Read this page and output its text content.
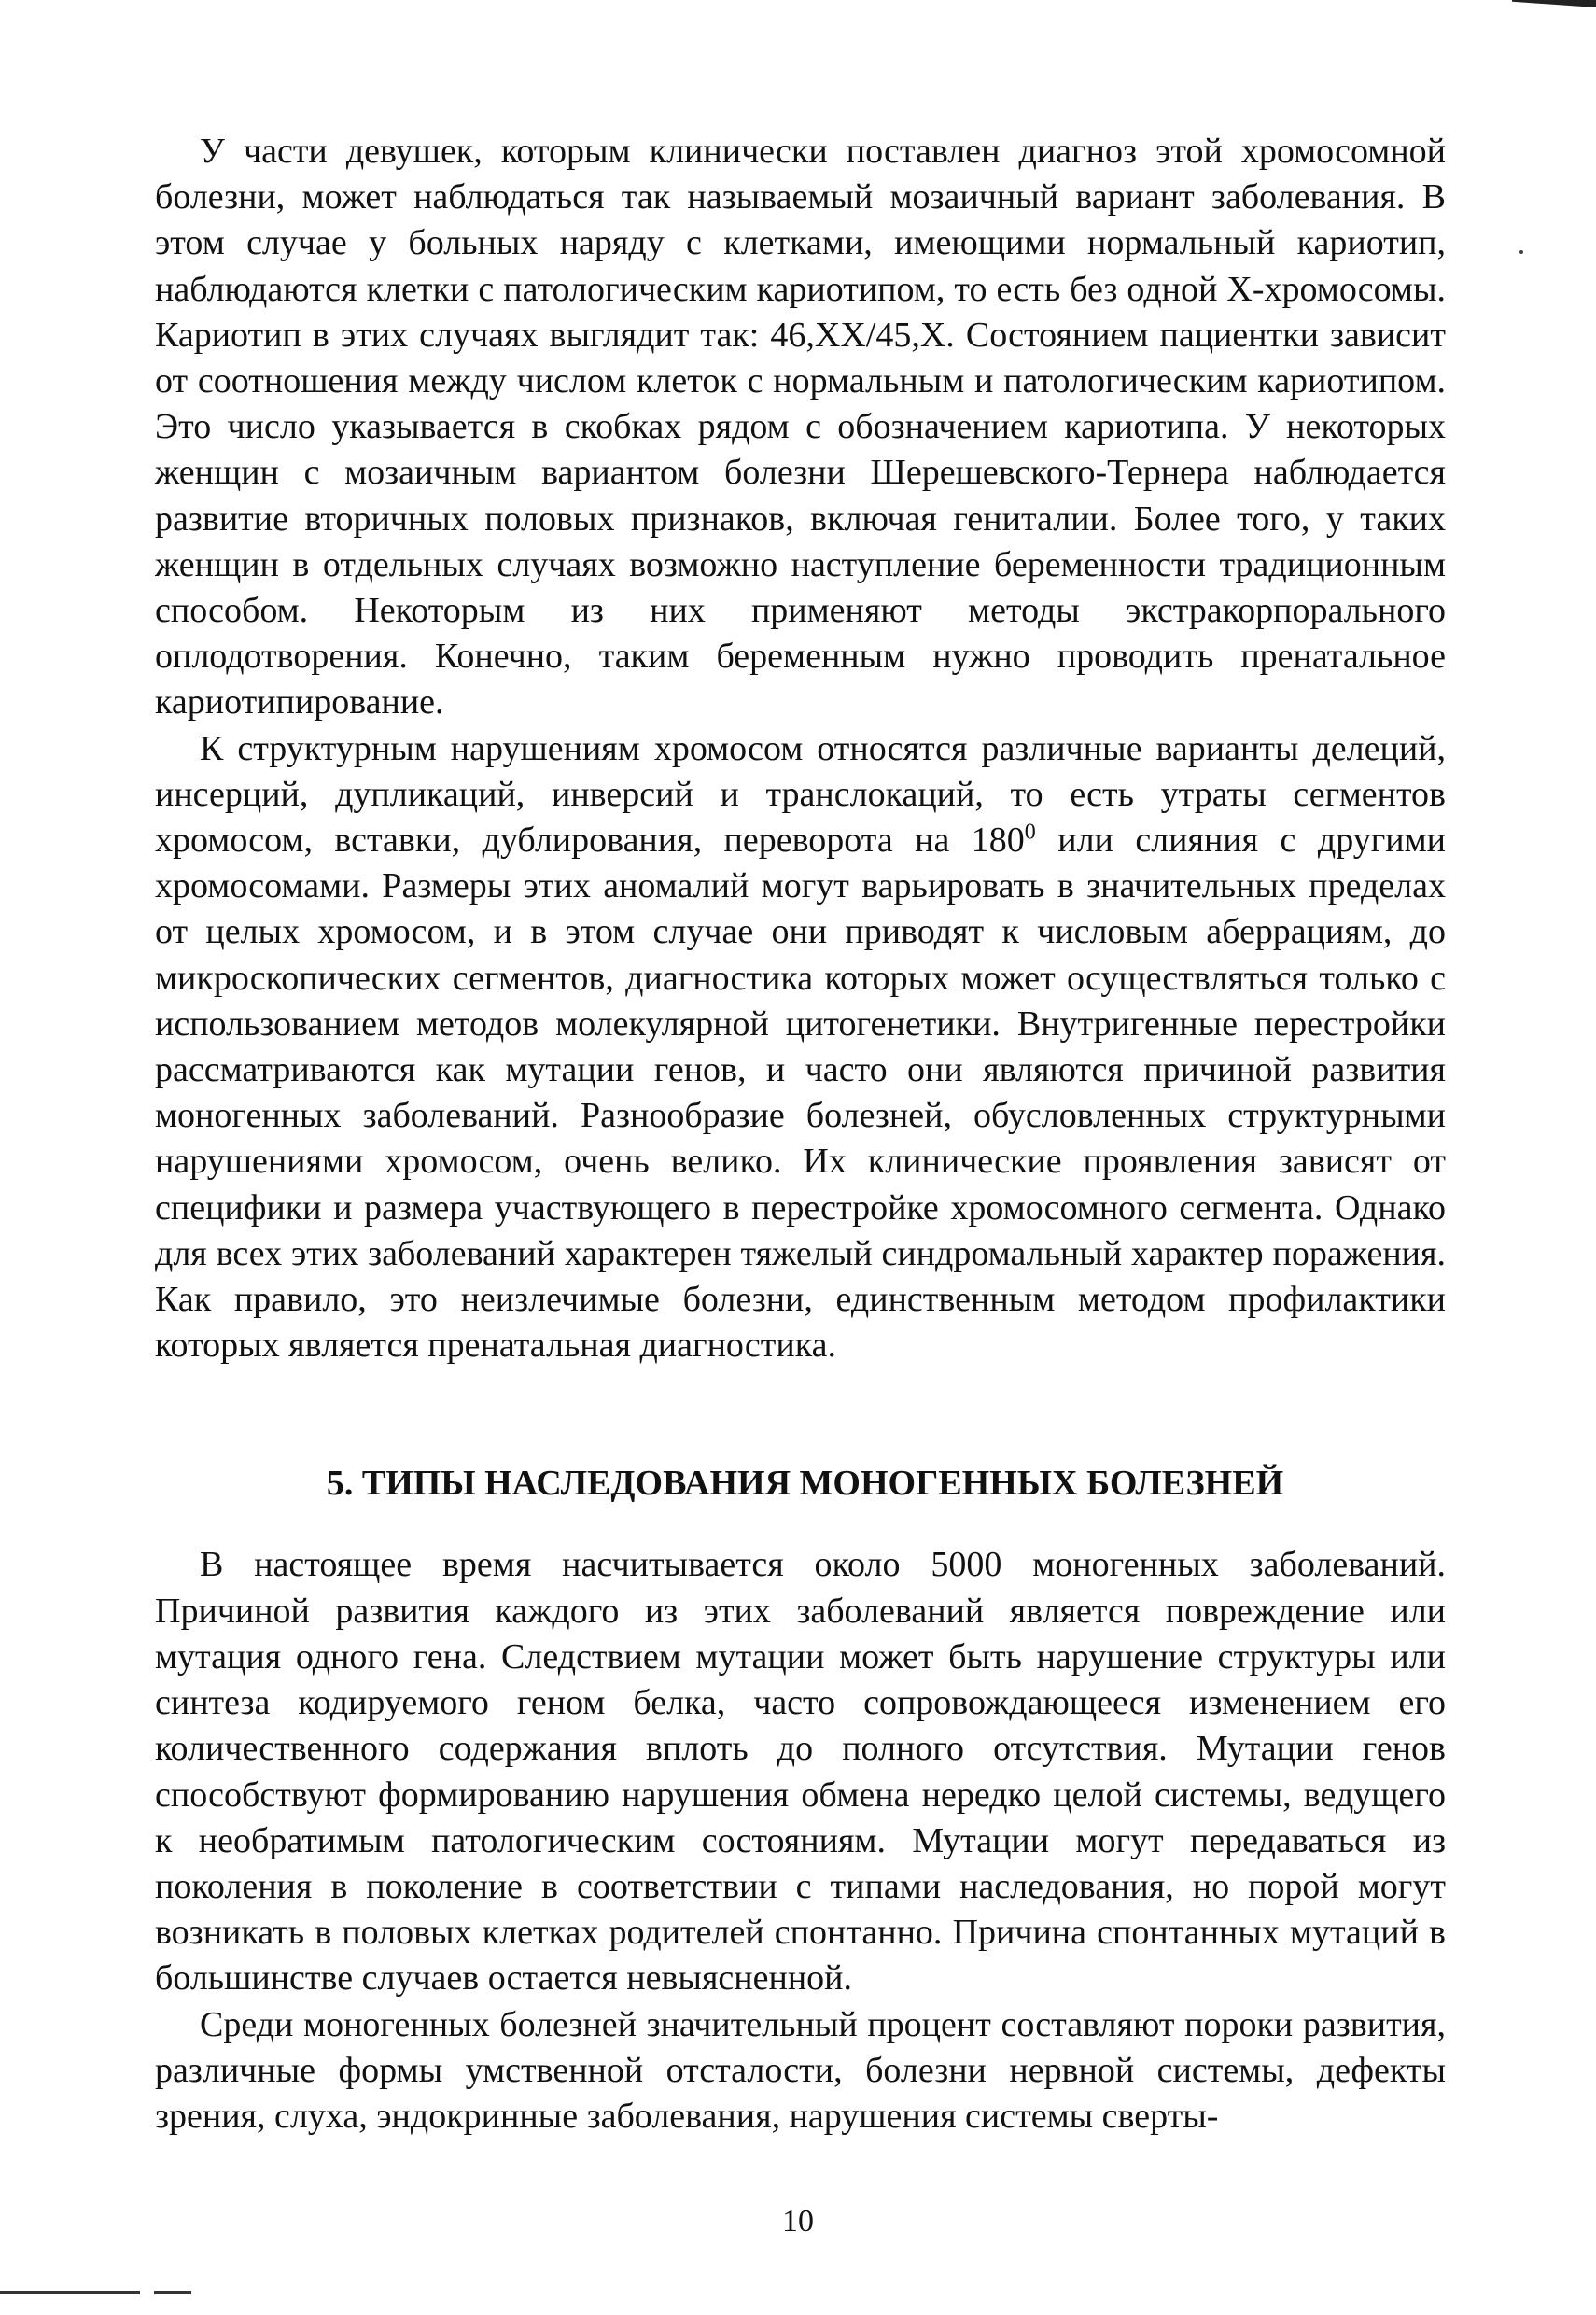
У части девушек, которым клинически поставлен диагноз этой хромосомной болезни, может наблюдаться так называемый мозаичный вариант заболевания. В этом случае у больных наряду с клетками, имеющими нормальный кариотип, наблюдаются клетки с патологическим кариотипом, то есть без одной Х-хромосомы. Кариотип в этих случаях выглядит так: 46,XX/45,X. Состоянием пациентки зависит от соотношения между числом клеток с нормальным и патологическим кариотипом. Это число указывается в скобках рядом с обозначением кариотипа. У некоторых женщин с мозаичным вариантом болезни Шерешевского-Тернера наблюдается развитие вторичных половых признаков, включая гениталии. Более того, у таких женщин в отдельных случаях возможно наступление беременности традиционным способом. Некоторым из них применяют методы экстракорпорального оплодотворения. Конечно, таким беременным нужно проводить пренатальное кариотипирование.

К структурным нарушениям хромосом относятся различные варианты делеций, инсерций, дупликаций, инверсий и транслокаций, то есть утраты сегментов хромосом, вставки, дублирования, переворота на $180^0$ или слияния с другими хромосомами. Размеры этих аномалий могут варьировать в значительных пределах от целых хромосом, и в этом случае они приводят к числовым аберрациям, до микроскопических сегментов, диагностика которых может осуществляться только с использованием методов молекулярной цитогенетики. Внутригенные перестройки рассматриваются как мутации генов, и часто они являются причиной развития моногенных заболеваний. Разнообразие болезней, обусловленных структурными нарушениями хромосом, очень велико. Их клинические проявления зависят от специфики и размера участвующего в перестройке хромосомного сегмента. Однако для всех этих заболеваний характерен тяжелый синдромальный характер поражения. Как правило, это неизлечимые болезни, единственным методом профилактики которых является пренатальная диагностика.

5. ТИПЫ НАСЛЕДОВАНИЯ МОНОГЕННЫХ БОЛЕЗНЕЙ

В настоящее время насчитывается около 5000 моногенных заболеваний. Причиной развития каждого из этих заболеваний является повреждение или мутация одного гена. Следствием мутации может быть нарушение структуры или синтеза кодируемого геном белка, часто сопровождающееся изменением его количественного содержания вплоть до полного отсутствия. Мутации генов способствуют формированию нарушения обмена нередко целой системы, ведущего к необратимым патологическим состояниям. Мутации могут передаваться из поколения в поколение в соответствии с типами наследования, но порой могут возникать в половых клетках родителей спонтанно. Причина спонтанных мутаций в большинстве случаев остается невыясненной.

Среди моногенных болезней значительный процент составляют пороки развития, различные формы умственной отсталости, болезни нервной системы, дефекты зрения, слуха, эндокринные заболевания, нарушения системы сверты-

10
